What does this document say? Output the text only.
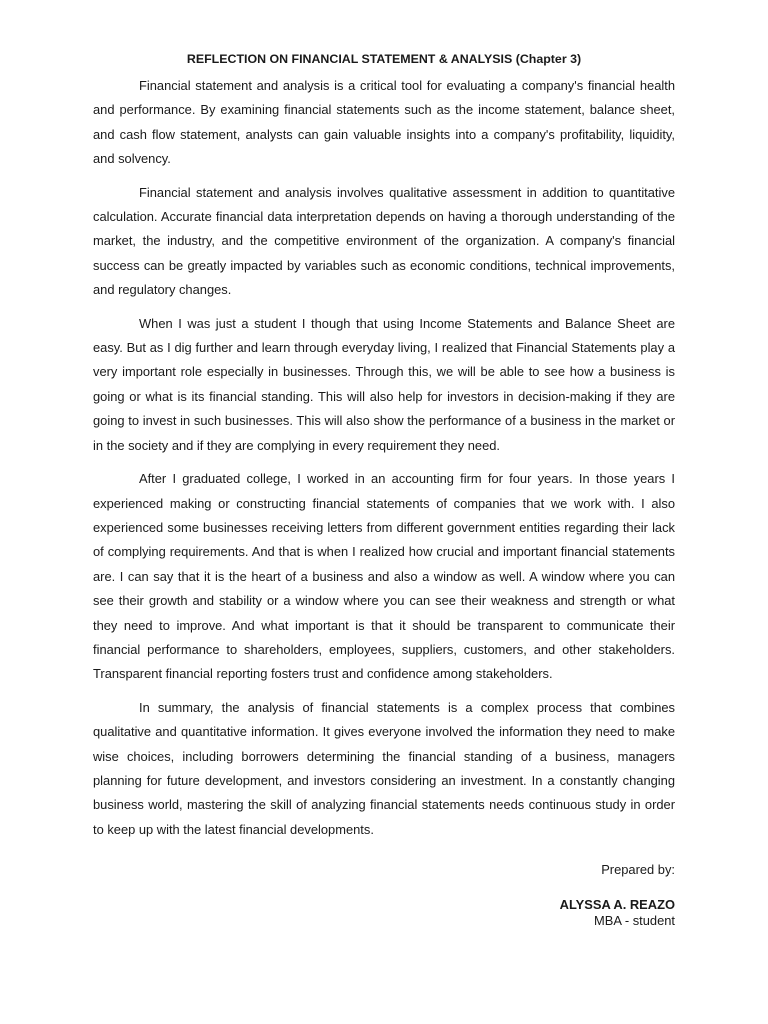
REFLECTION ON FINANCIAL STATEMENT & ANALYSIS (Chapter 3)

Financial statement and analysis is a critical tool for evaluating a company's financial health and performance. By examining financial statements such as the income statement, balance sheet, and cash flow statement, analysts can gain valuable insights into a company's profitability, liquidity, and solvency.

Financial statement and analysis involves qualitative assessment in addition to quantitative calculation. Accurate financial data interpretation depends on having a thorough understanding of the market, the industry, and the competitive environment of the organization. A company's financial success can be greatly impacted by variables such as economic conditions, technical improvements, and regulatory changes.

When I was just a student I though that using Income Statements and Balance Sheet are easy. But as I dig further and learn through everyday living, I realized that Financial Statements play a very important role especially in businesses. Through this, we will be able to see how a business is going or what is its financial standing. This will also help for investors in decision-making if they are going to invest in such businesses. This will also show the performance of a business in the market or in the society and if they are complying in every requirement they need.

After I graduated college, I worked in an accounting firm for four years. In those years I experienced making or constructing financial statements of companies that we work with. I also experienced some businesses receiving letters from different government entities regarding their lack of complying requirements. And that is when I realized how crucial and important financial statements are. I can say that it is the heart of a business and also a window as well. A window where you can see their growth and stability or a window where you can see their weakness and strength or what they need to improve. And what important is that it should be transparent to communicate their financial performance to shareholders, employees, suppliers, customers, and other stakeholders. Transparent financial reporting fosters trust and confidence among stakeholders.

In summary, the analysis of financial statements is a complex process that combines qualitative and quantitative information. It gives everyone involved the information they need to make wise choices, including borrowers determining the financial standing of a business, managers planning for future development, and investors considering an investment. In a constantly changing business world, mastering the skill of analyzing financial statements needs continuous study in order to keep up with the latest financial developments.

Prepared by:
ALYSSA A. REAZO
MBA - student
